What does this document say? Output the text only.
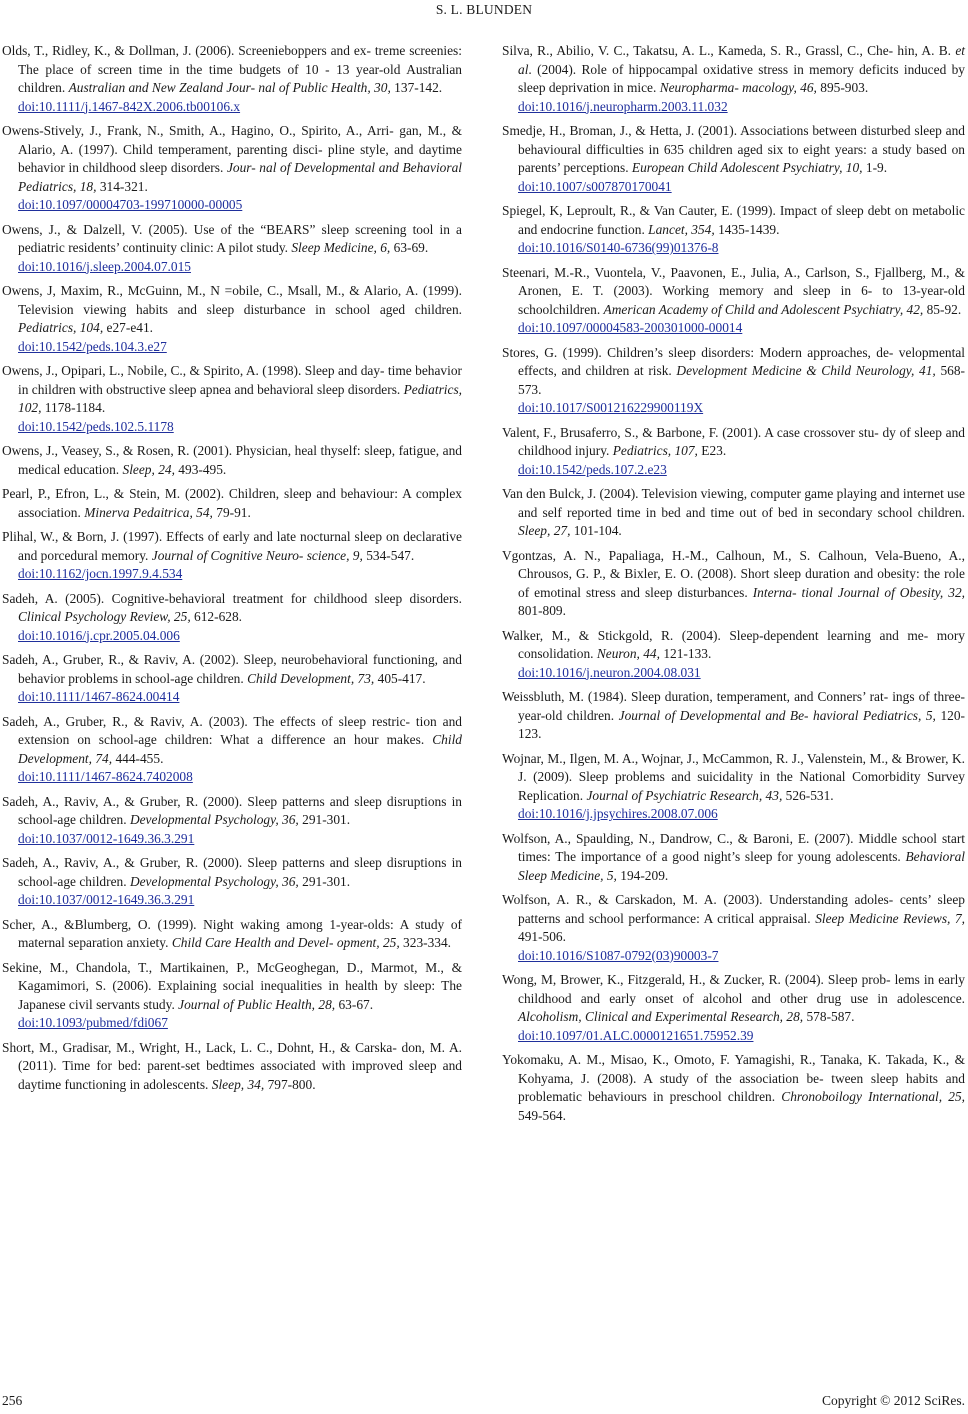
S. L. BLUNDEN

Olds, T., Ridley, K., & Dollman, J. (2006). Screenieboppers and ex- treme screenies: The place of screen time in the time budgets of 10 - 13 year-old Australian children. Australian and New Zealand Jour- nal of Public Health, 30, 137-142.
doi:10.1111/j.1467-842X.2006.tb00106.x

Owens-Stively, J., Frank, N., Smith, A., Hagino, O., Spirito, A., Arri- gan, M., & Alario, A. (1997). Child temperament, parenting disci- pline style, and daytime behavior in childhood sleep disorders. Jour- nal of Developmental and Behavioral Pediatrics, 18, 314-321.
doi:10.1097/00004703-199710000-00005

Owens, J., & Dalzell, V. (2005). Use of the “BEARS” sleep screening tool in a pediatric residents’ continuity clinic: A pilot study. Sleep Medicine, 6, 63-69.
doi:10.1016/j.sleep.2004.07.015

Owens, J, Maxim, R., McGuinn, M., N =obile, C., Msall, M., & Alario, A. (1999). Television viewing habits and sleep disturbance in school aged children. Pediatrics, 104, e27-e41.
doi:10.1542/peds.104.3.e27

Owens, J., Opipari, L., Nobile, C., & Spirito, A. (1998). Sleep and day- time behavior in children with obstructive sleep apnea and behavioral sleep disorders. Pediatrics, 102, 1178-1184.
doi:10.1542/peds.102.5.1178

Owens, J., Veasey, S., & Rosen, R. (2001). Physician, heal thyself: sleep, fatigue, and medical education. Sleep, 24, 493-495.

Pearl, P., Efron, L., & Stein, M. (2002). Children, sleep and behaviour: A complex association. Minerva Pedaitrica, 54, 79-91.

Plihal, W., & Born, J. (1997). Effects of early and late nocturnal sleep on declarative and porcedural memory. Journal of Cognitive Neuro- science, 9, 534-547.
doi:10.1162/jocn.1997.9.4.534

Sadeh, A. (2005). Cognitive-behavioral treatment for childhood sleep disorders. Clinical Psychology Review, 25, 612-628.
doi:10.1016/j.cpr.2005.04.006

Sadeh, A., Gruber, R., & Raviv, A. (2002). Sleep, neurobehavioral functioning, and behavior problems in school-age children. Child Development, 73, 405-417.
doi:10.1111/1467-8624.00414

Sadeh, A., Gruber, R., & Raviv, A. (2003). The effects of sleep restric- tion and extension on school-age children: What a difference an hour makes. Child Development, 74, 444-455.
doi:10.1111/1467-8624.7402008

Sadeh, A., Raviv, A., & Gruber, R. (2000). Sleep patterns and sleep disruptions in school-age children. Developmental Psychology, 36, 291-301.
doi:10.1037/0012-1649.36.3.291

Sadeh, A., Raviv, A., & Gruber, R. (2000). Sleep patterns and sleep disruptions in school-age children. Developmental Psychology, 36, 291-301.
doi:10.1037/0012-1649.36.3.291

Scher, A., &Blumberg, O. (1999). Night waking among 1-year-olds: A study of maternal separation anxiety. Child Care Health and Devel- opment, 25, 323-334.

Sekine, M., Chandola, T., Martikainen, P., McGeoghegan, D., Marmot, M., & Kagamimori, S. (2006). Explaining social inequalities in health by sleep: The Japanese civil servants study. Journal of Public Health, 28, 63-67.
doi:10.1093/pubmed/fdi067

Short, M., Gradisar, M., Wright, H., Lack, L. C., Dohnt, H., & Carska- don, M. A. (2011). Time for bed: parent-set bedtimes associated with improved sleep and daytime functioning in adolescents. Sleep, 34, 797-800.

Silva, R., Abilio, V. C., Takatsu, A. L., Kameda, S. R., Grassl, C., Che- hin, A. B. et al. (2004). Role of hippocampal oxidative stress in memory deficits induced by sleep deprivation in mice. Neuropharma- macology, 46, 895-903.
doi:10.1016/j.neuropharm.2003.11.032

Smedje, H., Broman, J., & Hetta, J. (2001). Associations between disturbed sleep and behavioural difficulties in 635 children aged six to eight years: a study based on parents’ perceptions. European Child Adolescent Psychiatry, 10, 1-9.
doi:10.1007/s007870170041

Spiegel, K, Leproult, R., & Van Cauter, E. (1999). Impact of sleep debt on metabolic and endocrine function. Lancet, 354, 1435-1439.
doi:10.1016/S0140-6736(99)01376-8

Steenari, M.-R., Vuontela, V., Paavonen, E., Julia, A., Carlson, S., Fjallberg, M., & Aronen, E. T. (2003). Working memory and sleep in 6- to 13-year-old schoolchildren. American Academy of Child and Adolescent Psychiatry, 42, 85-92.
doi:10.1097/00004583-200301000-00014

Stores, G. (1999). Children’s sleep disorders: Modern approaches, de- velopmental effects, and children at risk. Development Medicine & Child Neurology, 41, 568-573.
doi:10.1017/S001216229900119X

Valent, F., Brusaferro, S., & Barbone, F. (2001). A case crossover stu- dy of sleep and childhood injury. Pediatrics, 107, E23.
doi:10.1542/peds.107.2.e23

Van den Bulck, J. (2004). Television viewing, computer game playing and internet use and self reported time in bed and time out of bed in secondary school children. Sleep, 27, 101-104.

Vgontzas, A. N., Papaliaga, H.-M., Calhoun, M., S. Calhoun, Vela-Bueno, A., Chrousos, G. P., & Bixler, E. O. (2008). Short sleep duration and obesity: the role of emotinal stress and sleep disturbances. Interna- tional Journal of Obesity, 32, 801-809.

Walker, M., & Stickgold, R. (2004). Sleep-dependent learning and me- mory consolidation. Neuron, 44, 121-133.
doi:10.1016/j.neuron.2004.08.031

Weissbluth, M. (1984). Sleep duration, temperament, and Conners’ rat- ings of three-year-old children. Journal of Developmental and Be- havioral Pediatrics, 5, 120-123.

Wojnar, M., Ilgen, M. A., Wojnar, J., McCammon, R. J., Valenstein, M., & Brower, K. J. (2009). Sleep problems and suicidality in the National Comorbidity Survey Replication. Journal of Psychiatric Research, 43, 526-531.
doi:10.1016/j.jpsychires.2008.07.006

Wolfson, A., Spaulding, N., Dandrow, C., & Baroni, E. (2007). Middle school start times: The importance of a good night’s sleep for young adolescents. Behavioral Sleep Medicine, 5, 194-209.

Wolfson, A. R., & Carskadon, M. A. (2003). Understanding adoles- cents’ sleep patterns and school performance: A critical appraisal. Sleep Medicine Reviews, 7, 491-506.
doi:10.1016/S1087-0792(03)90003-7

Wong, M, Brower, K., Fitzgerald, H., & Zucker, R. (2004). Sleep prob- lems in early childhood and early onset of alcohol and other drug use in adolescence. Alcoholism, Clinical and Experimental Research, 28, 578-587.
doi:10.1097/01.ALC.0000121651.75952.39

Yokomaku, A. M., Misao, K., Omoto, F. Yamagishi, R., Tanaka, K. Takada, K., & Kohyama, J. (2008). A study of the association be- tween sleep habits and problematic behaviours in preschool children. Chronoboilogy International, 25, 549-564.

256	Copyright © 2012 SciRes.
